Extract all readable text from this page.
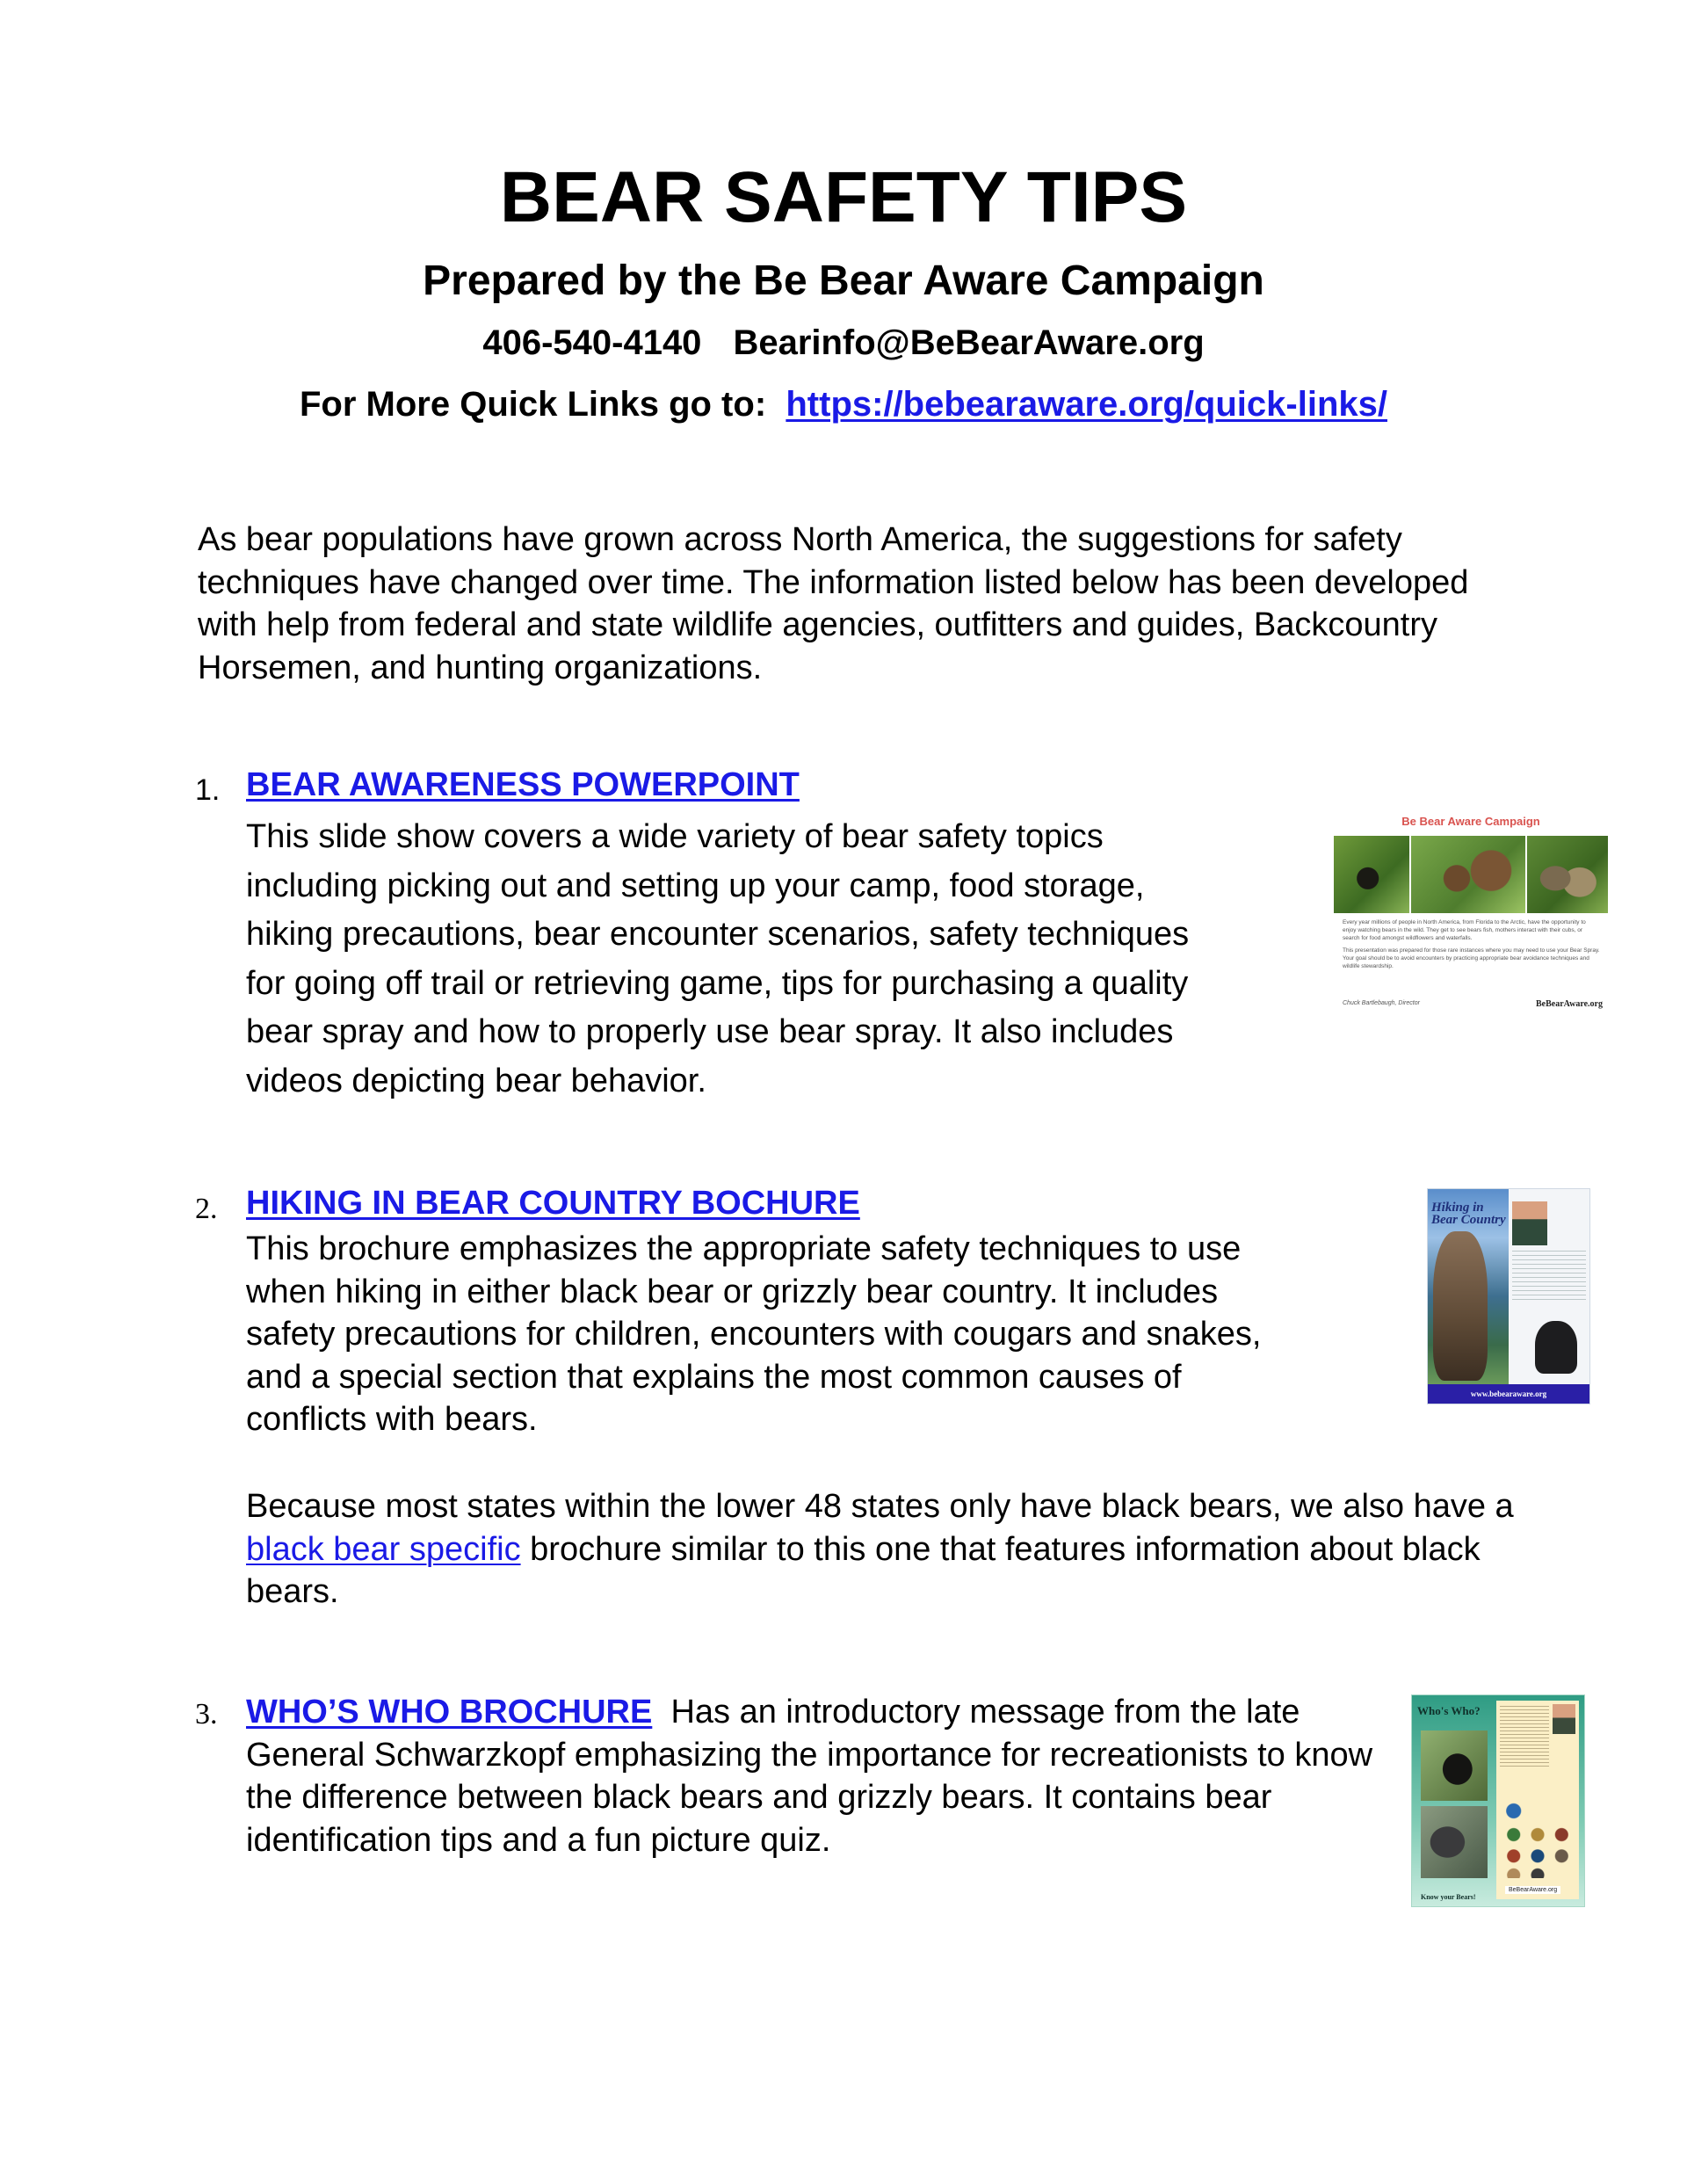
BEAR SAFETY TIPS
Prepared by the Be Bear Aware Campaign
406-540-4140 Bearinfo@BeBearAware.org
For More Quick Links go to: https://bebearaware.org/quick-links/
As bear populations have grown across North America, the suggestions for safety techniques have changed over time. The information listed below has been developed with help from federal and state wildlife agencies, outfitters and guides, Backcountry Horsemen, and hunting organizations.
1. BEAR AWARENESS POWERPOINT
This slide show covers a wide variety of bear safety topics
including picking out and setting up your camp, food storage,
hiking precautions, bear encounter scenarios, safety techniques
for going off trail or retrieving game, tips for purchasing a quality
bear spray and how to properly use bear spray. It also includes
videos depicting bear behavior.
Be Bear Aware Campaign
Every year millions of people in North America, from Florida to the Arctic, have the opportunity to enjoy watching bears in the wild. They get to see bears fish, mothers interact with their cubs, or search for food amongst wildflowers and waterfalls.
This presentation was prepared for those rare instances where you may need to use your Bear Spray. Your goal should be to avoid encounters by practicing appropriate bear avoidance techniques and wildlife stewardship.
Chuck Bartlebaugh, Director	BeBearAware.org
2. HIKING IN BEAR COUNTRY BOCHURE
This brochure emphasizes the appropriate safety techniques to use
when hiking in either black bear or grizzly bear country. It includes
safety precautions for children, encounters with cougars and snakes,
and a special section that explains the most common causes of
conflicts with bears.
Because most states within the lower 48 states only have black bears, we also have a black bear specific brochure similar to this one that features information about black bears.
Hiking in
Bear Country
www.bebearaware.org
3. WHO’S WHO BROCHURE Has an introductory message from the late General Schwarzkopf emphasizing the importance for recreationists to know the difference between black bears and grizzly bears. It contains bear identification tips and a fun picture quiz.
Who's Who?
Know your Bears!
BeBearAware.org
